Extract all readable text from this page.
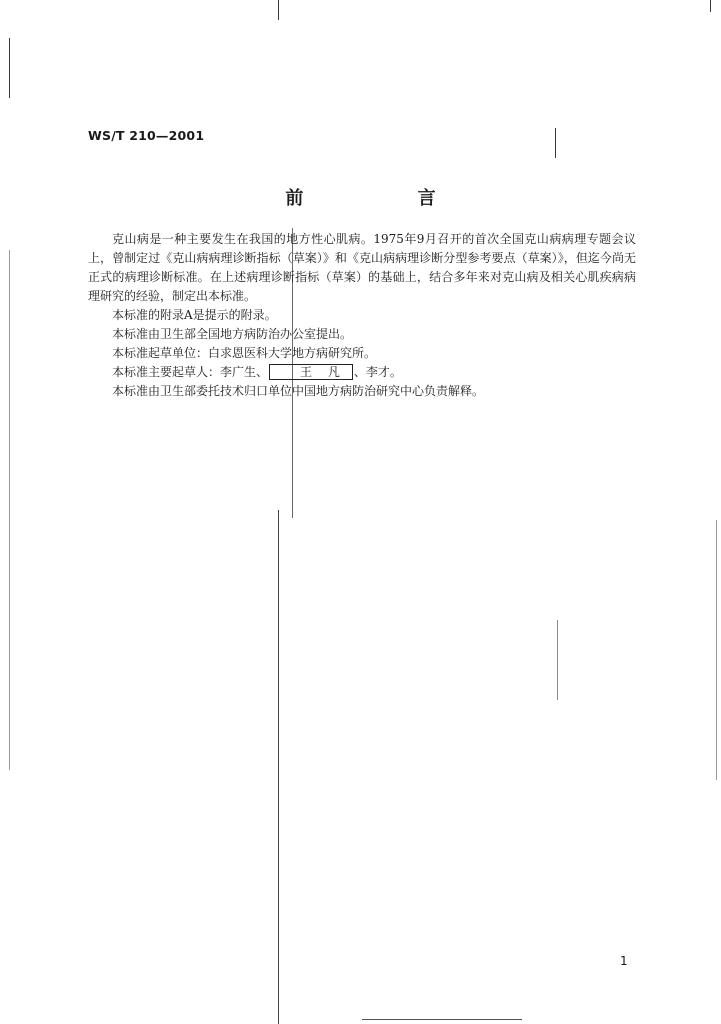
WS/T 210—2001
前 言

克山病是一种主要发生在我国的地方性心肌病。1975年9月召开的首次全国克山病病理专题会议上，曾制定过《克山病病理诊断指标（草案）》和《克山病病理诊断分型参考要点（草案）》，但迄今尚无正式的病理诊断标准。在上述病理诊断指标（草案）的基础上，结合多年来对克山病及相关心肌疾病病理研究的经验，制定出本标准。

本标准的附录A是提示的附录。

本标准由卫生部全国地方病防治办公室提出。

本标准起草单位：白求恩医科大学地方病研究所。

本标准主要起草人：李广生、	王 凡 、李才。

本标准由卫生部委托技术归口单位中国地方病防治研究中心负责解释。

1
